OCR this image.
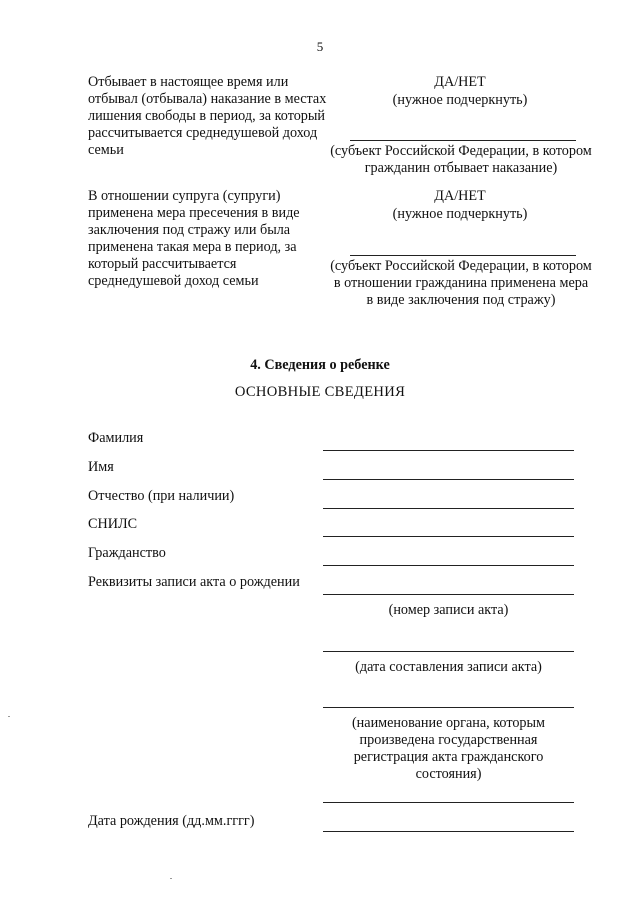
5
Отбывает в настоящее время или отбывал (отбывала) наказание в местах лишения свободы в период, за который рассчитывается среднедушевой доход семьи
ДА/НЕТ
(нужное подчеркнуть)
(субъект Российской Федерации, в котором гражданин отбывает наказание)
В отношении супруга (супруги) применена мера пресечения в виде заключения под стражу или была применена такая мера в период, за который рассчитывается среднедушевой доход семьи
ДА/НЕТ
(нужное подчеркнуть)
(субъект Российской Федерации, в котором в отношении гражданина применена мера в виде заключения под стражу)
4. Сведения о ребенке
ОСНОВНЫЕ СВЕДЕНИЯ
Фамилия
Имя
Отчество (при наличии)
СНИЛС
Гражданство
Реквизиты записи акта о рождении
(номер записи акта)
(дата составления записи акта)
(наименование органа, которым произведена государственная регистрация акта гражданского состояния)
Дата рождения (дд.мм.гггг)
